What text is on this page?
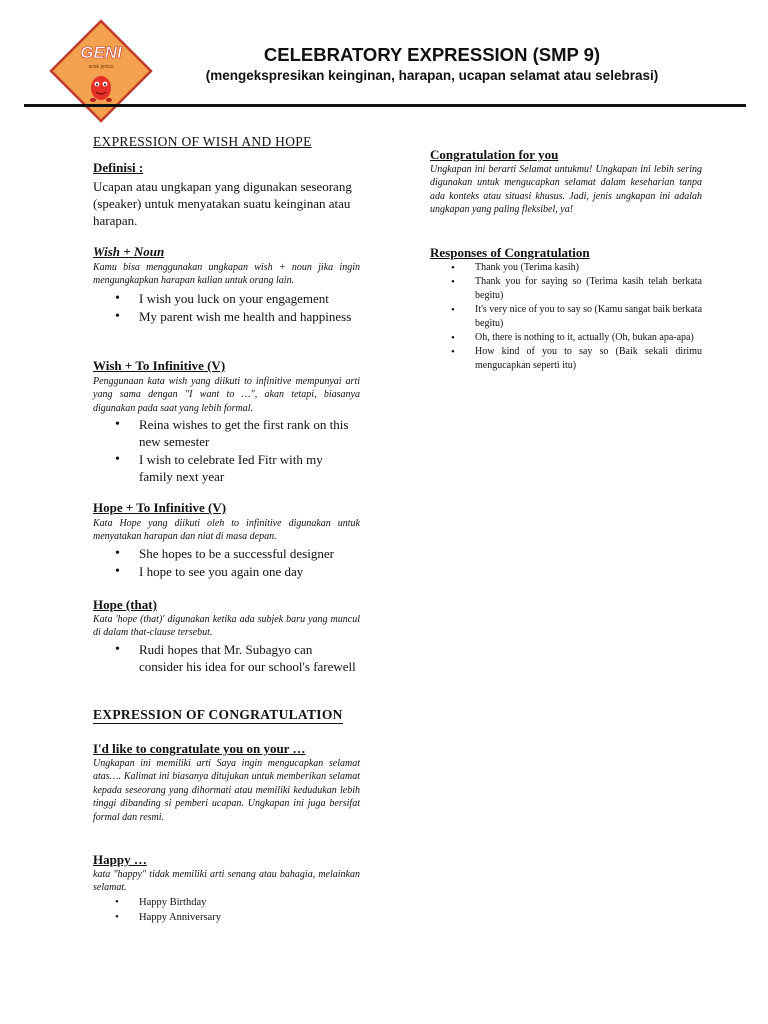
GENI
anak jenius
CELEBRATORY EXPRESSION (SMP 9)
(mengekspresikan keinginan, harapan, ucapan selamat atau selebrasi)
EXPRESSION OF WISH AND HOPE
Definisi :
Ucapan atau ungkapan yang digunakan seseorang (speaker) untuk menyatakan suatu keinginan atau harapan.
Wish + Noun
Kamu bisa menggunakan ungkapan wish + noun jika ingin mengungkapkan harapan kalian untuk orang lain.
• I wish you luck on your engagement
• My parent wish me health and happiness
Wish + To Infinitive (V)
Penggunaan kata wish yang diikuti to infinitive mempunyai arti yang sama dengan "I want to …", akan tetapi, biasanya digunakan pada saat yang lebih formal.
• Reina wishes to get the first rank on this new semester
• I wish to celebrate Ied Fitr with my family next year
Hope + To Infinitive (V)
Kata Hope yang diikuti oleh to infinitive digunakan untuk menyatakan harapan dan niat di masa depan.
• She hopes to be a successful designer
• I hope to see you again one day
Hope (that)
Kata 'hope (that)' digunakan ketika ada subjek baru yang muncul di dalam that-clause tersebut.
• Rudi hopes that Mr. Subagyo can consider his idea for our school's farewell
EXPRESSION OF CONGRATULATION
I'd like to congratulate you on your …
Ungkapan ini memiliki arti Saya ingin mengucapkan selamat atas…. Kalimat ini biasanya ditujukan untuk memberikan selamat kepada seseorang yang dihormati atau memiliki kedudukan lebih tinggi dibanding si pemberi ucapan. Ungkapan ini juga bersifat formal dan resmi.
Happy …
kata "happy" tidak memiliki arti senang atau bahagia, melainkan selamat.
• Happy Birthday
• Happy Anniversary
Congratulation for you
Ungkapan ini berarti Selamat untukmu! Ungkapan ini lebih sering digunakan untuk mengucapkan selamat dalam keseharian tanpa ada konteks atau situasi khusus. Jadi, jenis ungkapan ini adalah ungkapan yang paling fleksibel, ya!
Responses of Congratulation
• Thank you (Terima kasih)
• Thank you for saying so (Terima kasih telah berkata begitu)
• It's very nice of you to say so (Kamu sangat baik berkata begitu)
• Oh, there is nothing to it, actually (Oh, bukan apa-apa)
• How kind of you to say so (Baik sekali dirimu mengucapkan seperti itu)
